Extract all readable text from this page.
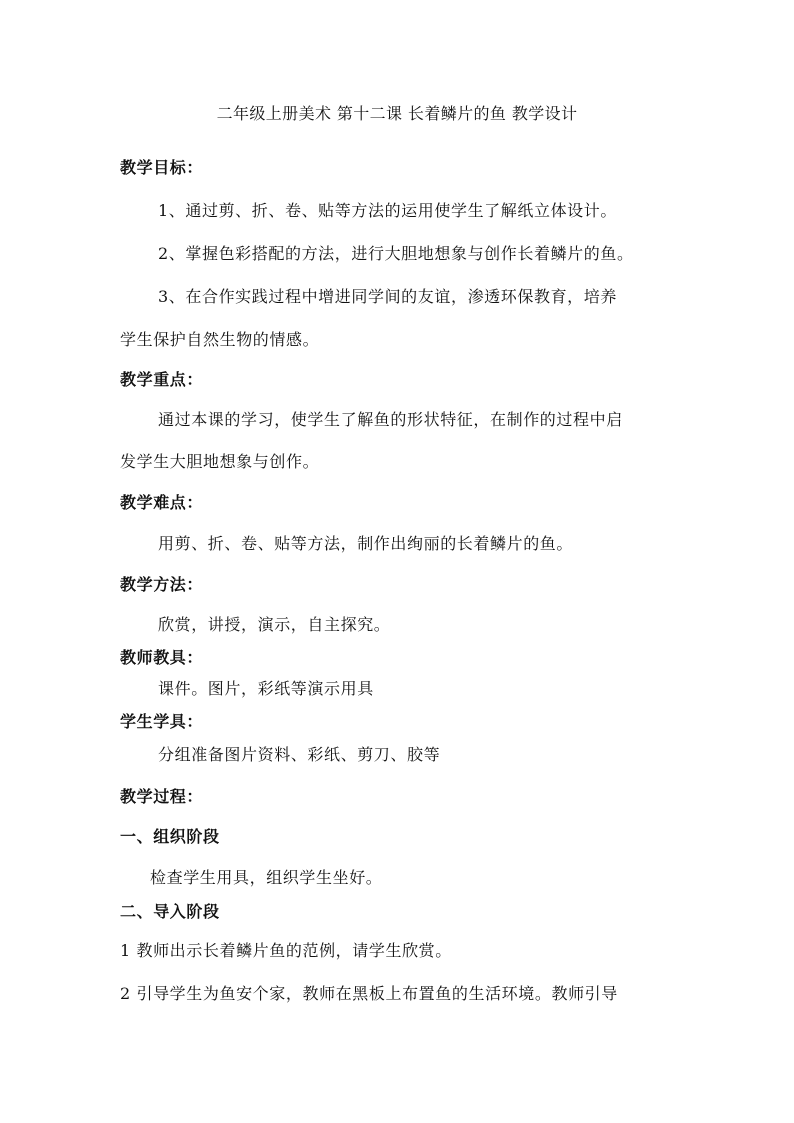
二年级上册美术 第十二课 长着鳞片的鱼 教学设计
教学目标：
1、通过剪、折、卷、贴等方法的运用使学生了解纸立体设计。
2、掌握色彩搭配的方法，进行大胆地想象与创作长着鳞片的鱼。
3、在合作实践过程中增进同学间的友谊，渗透环保教育，培养
学生保护自然生物的情感。
教学重点：
通过本课的学习，使学生了解鱼的形状特征，在制作的过程中启
发学生大胆地想象与创作。
教学难点：
用剪、折、卷、贴等方法，制作出绚丽的长着鳞片的鱼。
教学方法：
欣赏，讲授，演示，自主探究。
教师教具：
课件。图片，彩纸等演示用具
学生学具：
分组准备图片资料、彩纸、剪刀、胶等
教学过程：
一、组织阶段
检查学生用具，组织学生坐好。
二、导入阶段
1 教师出示长着鳞片鱼的范例，请学生欣赏。
2 引导学生为鱼安个家，教师在黑板上布置鱼的生活环境。教师引导
